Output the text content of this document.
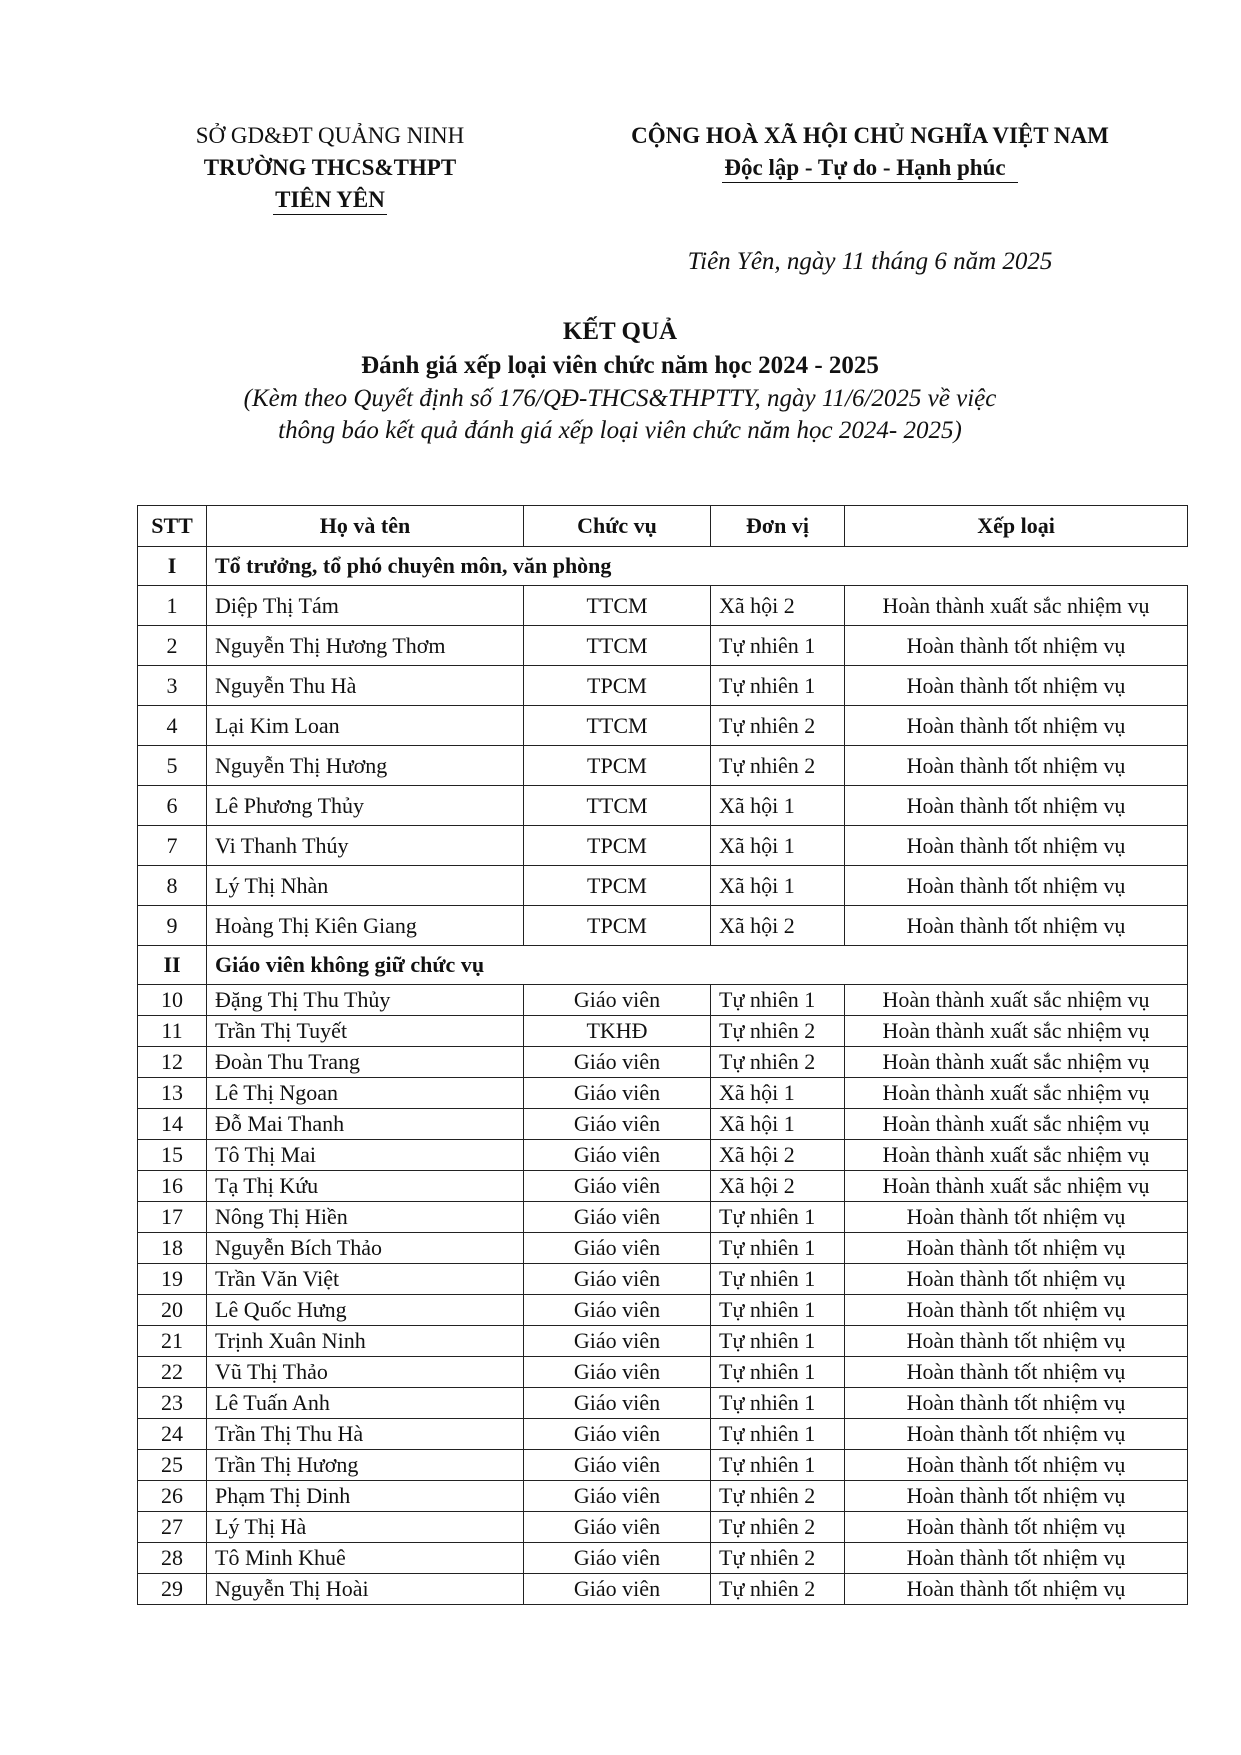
SỞ GD&ĐT QUẢNG NINH
TRƯỜNG THCS&THPT
TIÊN YÊN
CỘNG HOÀ XÃ HỘI CHỦ NGHĨA VIỆT NAM
Độc lập - Tự do - Hạnh phúc
Tiên Yên, ngày 11 tháng 6 năm 2025
KẾT QUẢ
Đánh giá xếp loại viên chức năm học 2024 - 2025
(Kèm theo Quyết định số 176/QĐ-THCS&THPTTY, ngày 11/6/2025 về việc
thông báo kết quả đánh giá xếp loại viên chức năm học 2024- 2025)
STT	Họ và tên	Chức vụ	Đơn vị	Xếp loại
I	Tổ trưởng, tổ phó chuyên môn, văn phòng			
1	Diệp Thị Tám	TTCM	Xã hội 2	Hoàn thành xuất sắc nhiệm vụ
2	Nguyễn Thị Hương Thơm	TTCM	Tự nhiên 1	Hoàn thành tốt nhiệm vụ
3	Nguyễn Thu Hà	TPCM	Tự nhiên 1	Hoàn thành tốt nhiệm vụ
4	Lại Kim Loan	TTCM	Tự nhiên 2	Hoàn thành tốt nhiệm vụ
5	Nguyễn Thị Hương	TPCM	Tự nhiên 2	Hoàn thành tốt nhiệm vụ
6	Lê Phương Thủy	TTCM	Xã hội 1	Hoàn thành tốt nhiệm vụ
7	Vi Thanh Thúy	TPCM	Xã hội 1	Hoàn thành tốt nhiệm vụ
8	Lý Thị Nhàn	TPCM	Xã hội 1	Hoàn thành tốt nhiệm vụ
9	Hoàng Thị Kiên Giang	TPCM	Xã hội 2	Hoàn thành tốt nhiệm vụ
II	Giáo viên không giữ chức vụ			
10	Đặng Thị Thu Thủy	Giáo viên	Tự nhiên 1	Hoàn thành xuất sắc nhiệm vụ
11	Trần Thị Tuyết	TKHĐ	Tự nhiên 2	Hoàn thành xuất sắc nhiệm vụ
12	Đoàn Thu Trang	Giáo viên	Tự nhiên 2	Hoàn thành xuất sắc nhiệm vụ
13	Lê Thị Ngoan	Giáo viên	Xã hội 1	Hoàn thành xuất sắc nhiệm vụ
14	Đỗ Mai Thanh	Giáo viên	Xã hội 1	Hoàn thành xuất sắc nhiệm vụ
15	Tô Thị Mai	Giáo viên	Xã hội 2	Hoàn thành xuất sắc nhiệm vụ
16	Tạ Thị Kứu	Giáo viên	Xã hội 2	Hoàn thành xuất sắc nhiệm vụ
17	Nông Thị Hiền	Giáo viên	Tự nhiên 1	Hoàn thành tốt nhiệm vụ
18	Nguyễn Bích Thảo	Giáo viên	Tự nhiên 1	Hoàn thành tốt nhiệm vụ
19	Trần Văn Việt	Giáo viên	Tự nhiên 1	Hoàn thành tốt nhiệm vụ
20	Lê Quốc Hưng	Giáo viên	Tự nhiên 1	Hoàn thành tốt nhiệm vụ
21	Trịnh Xuân Ninh	Giáo viên	Tự nhiên 1	Hoàn thành tốt nhiệm vụ
22	Vũ Thị Thảo	Giáo viên	Tự nhiên 1	Hoàn thành tốt nhiệm vụ
23	Lê Tuấn Anh	Giáo viên	Tự nhiên 1	Hoàn thành tốt nhiệm vụ
24	Trần Thị Thu Hà	Giáo viên	Tự nhiên 1	Hoàn thành tốt nhiệm vụ
25	Trần Thị Hương	Giáo viên	Tự nhiên 1	Hoàn thành tốt nhiệm vụ
26	Phạm Thị Dinh	Giáo viên	Tự nhiên 2	Hoàn thành tốt nhiệm vụ
27	Lý Thị Hà	Giáo viên	Tự nhiên 2	Hoàn thành tốt nhiệm vụ
28	Tô Minh Khuê	Giáo viên	Tự nhiên 2	Hoàn thành tốt nhiệm vụ
29	Nguyễn Thị Hoài	Giáo viên	Tự nhiên 2	Hoàn thành tốt nhiệm vụ
